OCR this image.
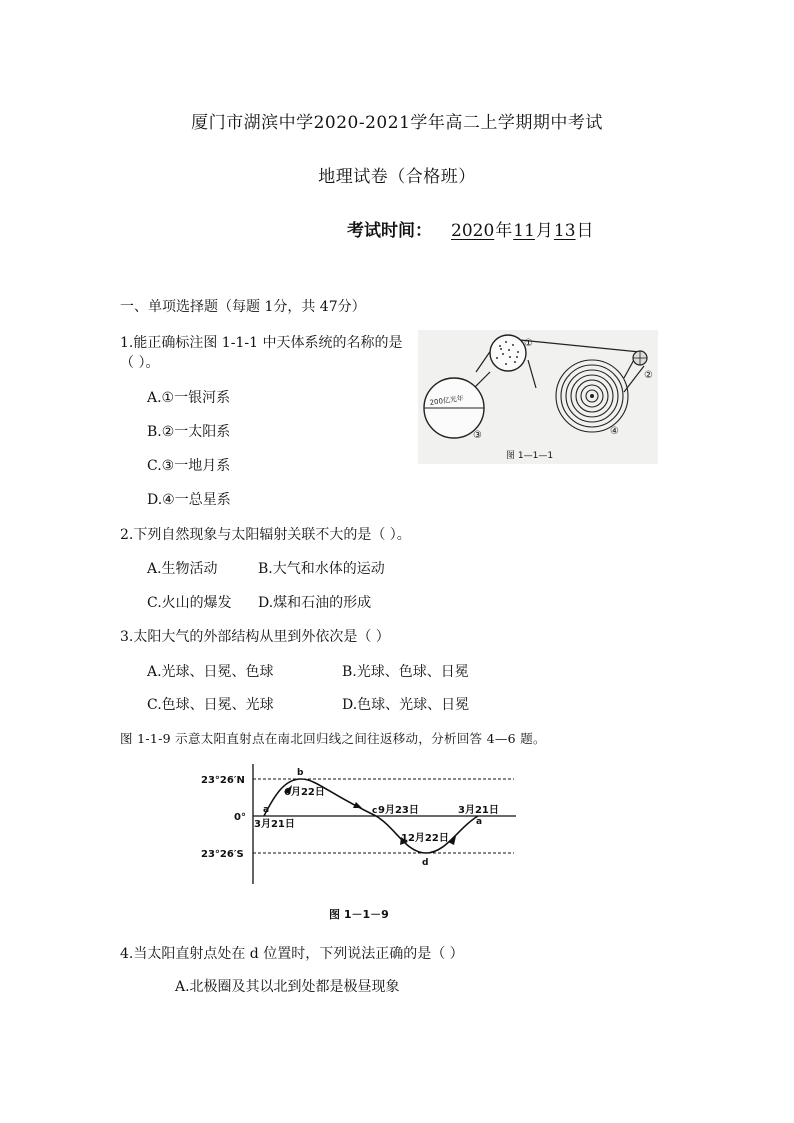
厦门市湖滨中学2020-2021学年高二上学期期中考试
地理试卷（合格班）
考试时间： 2020年11月13日
一、单项选择题（每题 1分，共 47分）
1.能正确标注图 1-1-1 中天体系统的名称的是
（ ）。
A.①一银河系
B.②一太阳系
C.③一地月系
D.④一总星系
200亿光年
①
②
③	④
图 1—1—1
2.下列自然现象与太阳辐射关联不大的是（ ）。
A.生物活动	B.大气和水体的运动
C.火山的爆发 D.煤和石油的形成
3.太阳大气的外部结构从里到外依次是（ ）
A.光球、日冕、色球	B.光球、色球、日冕
C.色球、日冕、光球	D.色球、光球、日冕
图 1-1-9 示意太阳直射点在南北回归线之间往返移动，分析回答 4—6 题。
23°26′N
0°
23°26′S
a
b
c
d
a
3月21日
6月22日
9月23日
12月22日
3月21日
图 1－1－9
4.当太阳直射点处在 d 位置时，下列说法正确的是（ ）
A.北极圈及其以北到处都是极昼现象
